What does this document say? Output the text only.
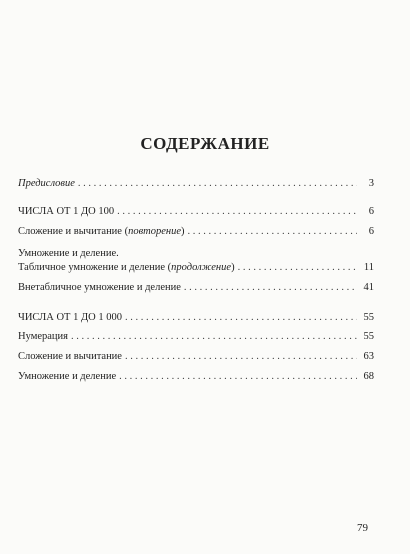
СОДЕРЖАНИЕ
Предисловие . . .	3
ЧИСЛА ОТ 1 ДО 100 . . .	6
Сложение и вычитание (повторение) . . .	6
Умножение и деление.
Табличное умножение и деление (продолжение) . . .	11
Внетабличное умножение и деление . . .	41
ЧИСЛА ОТ 1 ДО 1 000 . . .	55
Нумерация . . .	55
Сложение и вычитание . . .	63
Умножение и деление . . .	68
79
